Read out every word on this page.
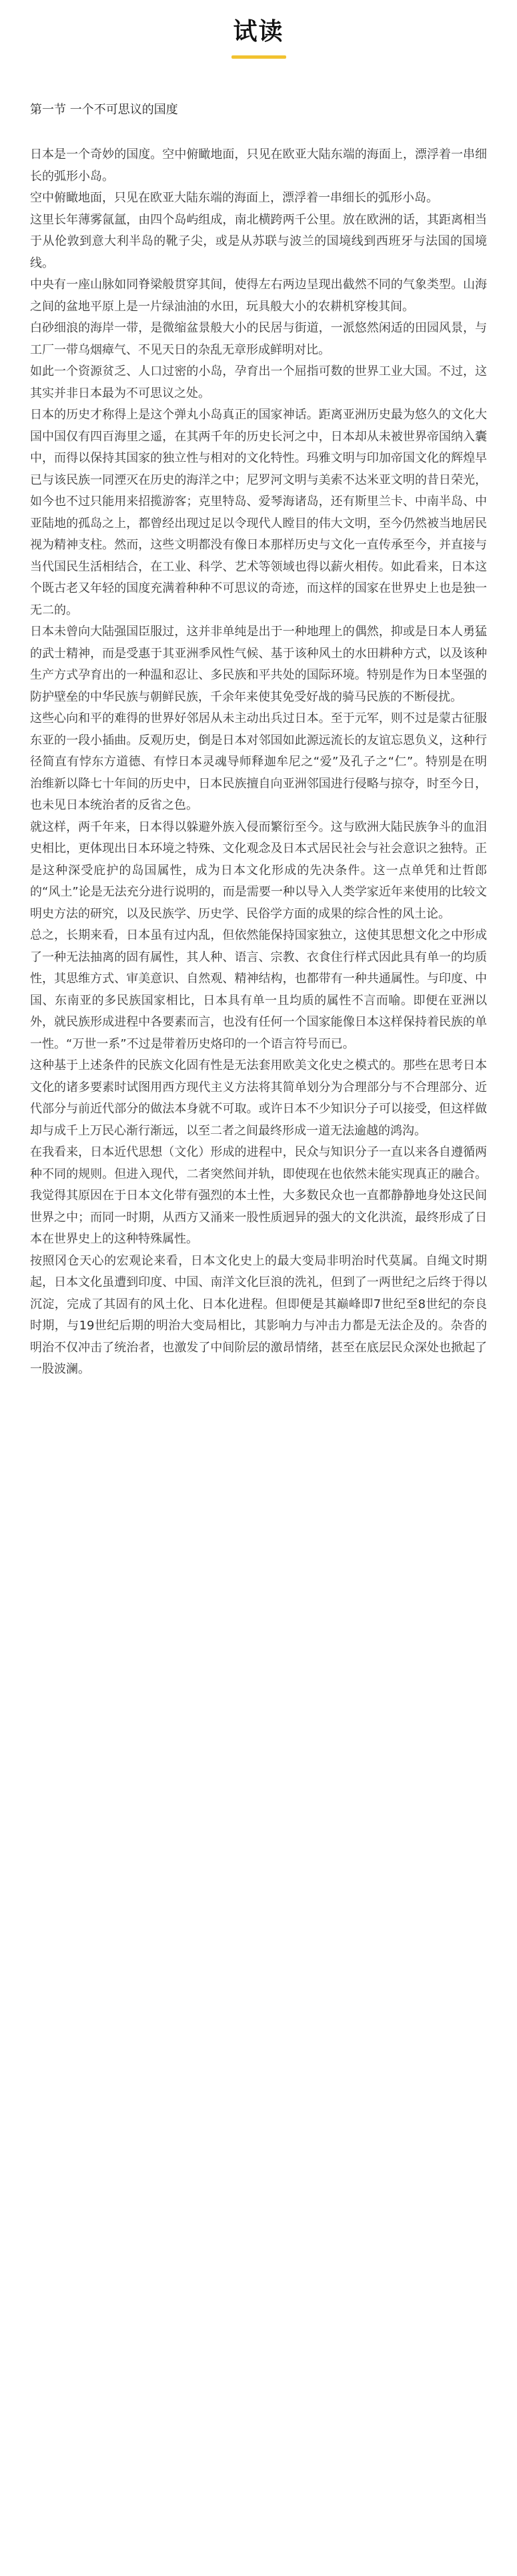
试读
第一节 一个不可思议的国度

日本是一个奇妙的国度。空中俯瞰地面，只见在欧亚大陆东端的海面上，漂浮着一串细长的弧形小岛。

空中俯瞰地面，只见在欧亚大陆东端的海面上，漂浮着一串细长的弧形小岛。

这里长年薄雾氤氲，由四个岛屿组成，南北横跨两千公里。放在欧洲的话，其距离相当于从伦敦到意大利半岛的靴子尖，或是从苏联与波兰的国境线到西班牙与法国的国境线。

中央有一座山脉如同脊梁般贯穿其间，使得左右两边呈现出截然不同的气象类型。山海之间的盆地平原上是一片绿油油的水田，玩具般大小的农耕机穿梭其间。

白砂细浪的海岸一带，是微缩盆景般大小的民居与街道，一派悠然闲适的田园风景，与工厂一带乌烟瘴气、不见天日的杂乱无章形成鲜明对比。

如此一个资源贫乏、人口过密的小岛，孕育出一个屈指可数的世界工业大国。不过，这其实并非日本最为不可思议之处。

日本的历史才称得上是这个弹丸小岛真正的国家神话。距离亚洲历史最为悠久的文化大国中国仅有四百海里之遥，在其两千年的历史长河之中，日本却从未被世界帝国纳入囊中，而得以保持其国家的独立性与相对的文化特性。玛雅文明与印加帝国文化的辉煌早已与该民族一同湮灭在历史的海洋之中；尼罗河文明与美索不达米亚文明的昔日荣光，如今也不过只能用来招揽游客；克里特岛、爱琴海诸岛，还有斯里兰卡、中南半岛、中亚陆地的孤岛之上，都曾经出现过足以令现代人瞠目的伟大文明，至今仍然被当地居民视为精神支柱。然而，这些文明都没有像日本那样历史与文化一直传承至今，并直接与当代国民生活相结合，在工业、科学、艺术等领域也得以薪火相传。如此看来，日本这个既古老又年轻的国度充满着种种不可思议的奇迹，而这样的国家在世界史上也是独一无二的。

日本未曾向大陆强国臣服过，这并非单纯是出于一种地理上的偶然，抑或是日本人勇猛的武士精神，而是受惠于其亚洲季风性气候、基于该种风土的水田耕种方式，以及该种生产方式孕育出的一种温和忍让、多民族和平共处的国际环境。特别是作为日本坚强的防护壁垒的中华民族与朝鲜民族，千余年来使其免受好战的骑马民族的不断侵扰。

这些心向和平的难得的世界好邻居从未主动出兵过日本。至于元军，则不过是蒙古征服东亚的一段小插曲。反观历史，倒是日本对邻国如此源远流长的友谊忘恩负义，这种行径简直有悖东方道德、有悖日本灵魂导师释迦牟尼之“爱”及孔子之“仁”。特别是在明治维新以降七十年间的历史中，日本民族擅自向亚洲邻国进行侵略与掠夺，时至今日，也未见日本统治者的反省之色。

就这样，两千年来，日本得以躲避外族入侵而繁衍至今。这与欧洲大陆民族争斗的血泪史相比，更体现出日本环境之特殊、文化观念及日本式居民社会与社会意识之独特。正是这种深受庇护的岛国属性，成为日本文化形成的先决条件。这一点单凭和辻哲郎的“风土”论是无法充分进行说明的，而是需要一种以导入人类学家近年来使用的比较文明史方法的研究，以及民族学、历史学、民俗学方面的成果的综合性的风土论。

总之，长期来看，日本虽有过内乱，但依然能保持国家独立，这使其思想文化之中形成了一种无法抽离的固有属性，其人种、语言、宗教、衣食住行样式因此具有单一的均质性，其思维方式、审美意识、自然观、精神结构，也都带有一种共通属性。与印度、中国、东南亚的多民族国家相比，日本具有单一且均质的属性不言而喻。即便在亚洲以外，就民族形成进程中各要素而言，也没有任何一个国家能像日本这样保持着民族的单一性。“万世一系”不过是带着历史烙印的一个语言符号而已。

这种基于上述条件的民族文化固有性是无法套用欧美文化史之模式的。那些在思考日本文化的诸多要素时试图用西方现代主义方法将其简单划分为合理部分与不合理部分、近代部分与前近代部分的做法本身就不可取。或许日本不少知识分子可以接受，但这样做却与成千上万民心渐行渐远，以至二者之间最终形成一道无法逾越的鸿沟。

在我看来，日本近代思想（文化）形成的进程中，民众与知识分子一直以来各自遵循两种不同的规则。但进入现代，二者突然间并轨，即使现在也依然未能实现真正的融合。我觉得其原因在于日本文化带有强烈的本土性，大多数民众也一直都静静地身处这民间世界之中；而同一时期，从西方又涌来一股性质迥异的强大的文化洪流，最终形成了日本在世界史上的这种特殊属性。

按照冈仓天心的宏观论来看，日本文化史上的最大变局非明治时代莫属。自绳文时期起，日本文化虽遭到印度、中国、南洋文化巨浪的洗礼，但到了一两世纪之后终于得以沉淀，完成了其固有的风土化、日本化进程。但即便是其巅峰即7世纪至8世纪的奈良时期，与19世纪后期的明治大变局相比，其影响力与冲击力都是无法企及的。杂沓的明治不仅冲击了统治者，也激发了中间阶层的激昂情绪，甚至在底层民众深处也掀起了一股波澜。
